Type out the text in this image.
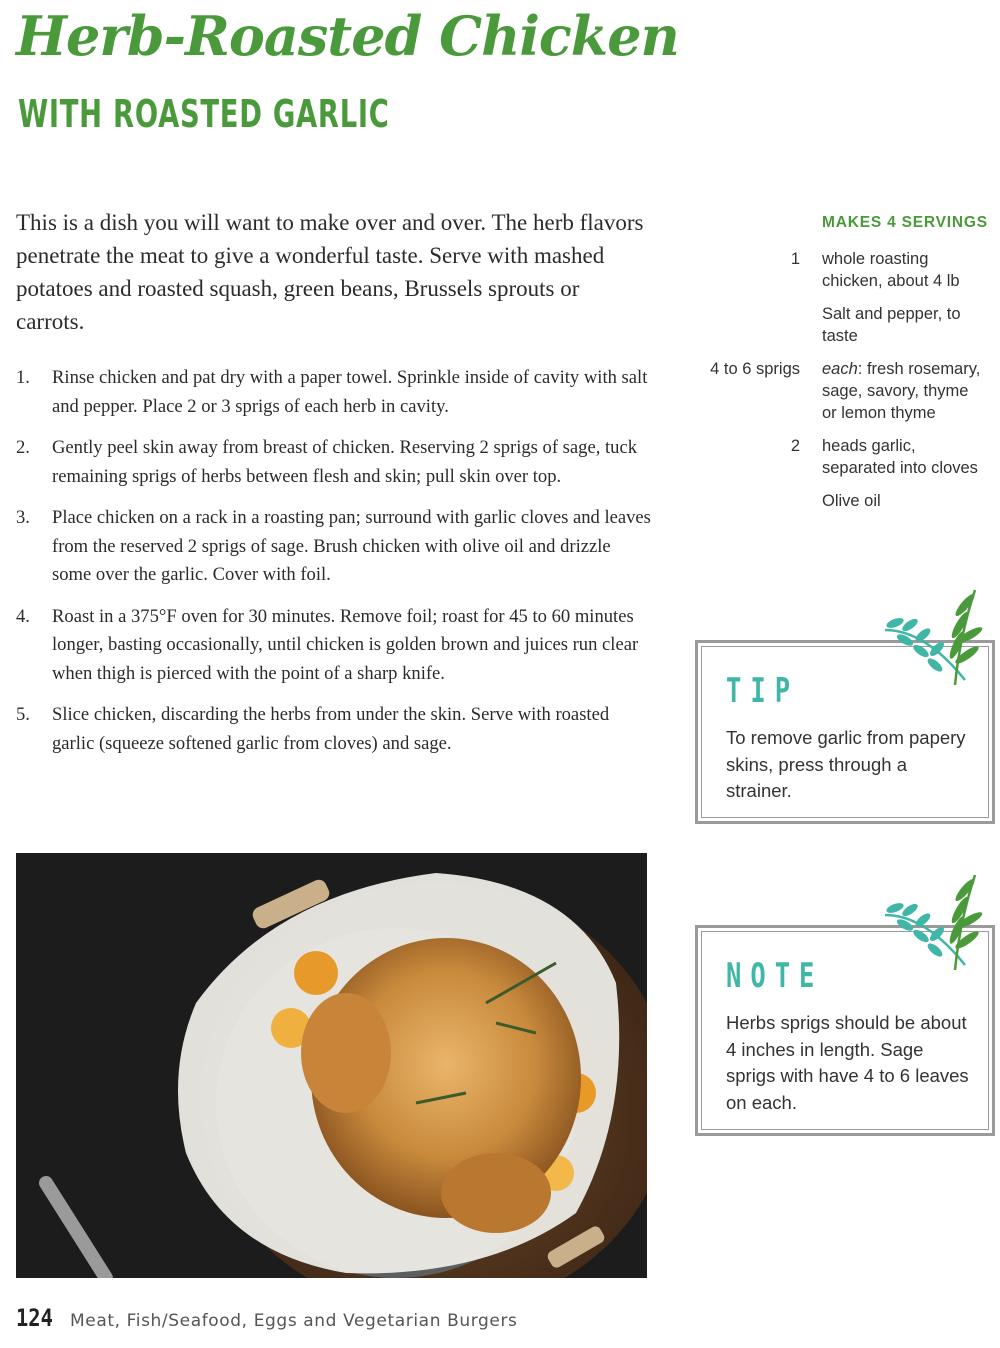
Herb-Roasted Chicken
WITH ROASTED GARLIC

This is a dish you will want to make over and over. The herb flavors penetrate the meat to give a wonderful taste. Serve with mashed potatoes and roasted squash, green beans, Brussels sprouts or carrots.

1. Rinse chicken and pat dry with a paper towel. Sprinkle inside of cavity with salt and pepper. Place 2 or 3 sprigs of each herb in cavity.
2. Gently peel skin away from breast of chicken. Reserving 2 sprigs of sage, tuck remaining sprigs of herbs between flesh and skin; pull skin over top.
3. Place chicken on a rack in a roasting pan; surround with garlic cloves and leaves from the reserved 2 sprigs of sage. Brush chicken with olive oil and drizzle some over the garlic. Cover with foil.
4. Roast in a 375°F oven for 30 minutes. Remove foil; roast for 45 to 60 minutes longer, basting occasionally, until chicken is golden brown and juices run clear when thigh is pierced with the point of a sharp knife.
5. Slice chicken, discarding the herbs from under the skin. Serve with roasted garlic (squeeze softened garlic from cloves) and sage.

MAKES 4 SERVINGS

1 whole roasting chicken, about 4 lb
Salt and pepper, to taste
4 to 6 sprigs each: fresh rosemary, sage, savory, thyme or lemon thyme
2 heads garlic, separated into cloves
Olive oil

TIP

To remove garlic from papery skins, press through a strainer.

NOTE

Herbs sprigs should be about 4 inches in length. Sage sprigs with have 4 to 6 leaves on each.

124 Meat, Fish/Seafood, Eggs and Vegetarian Burgers
